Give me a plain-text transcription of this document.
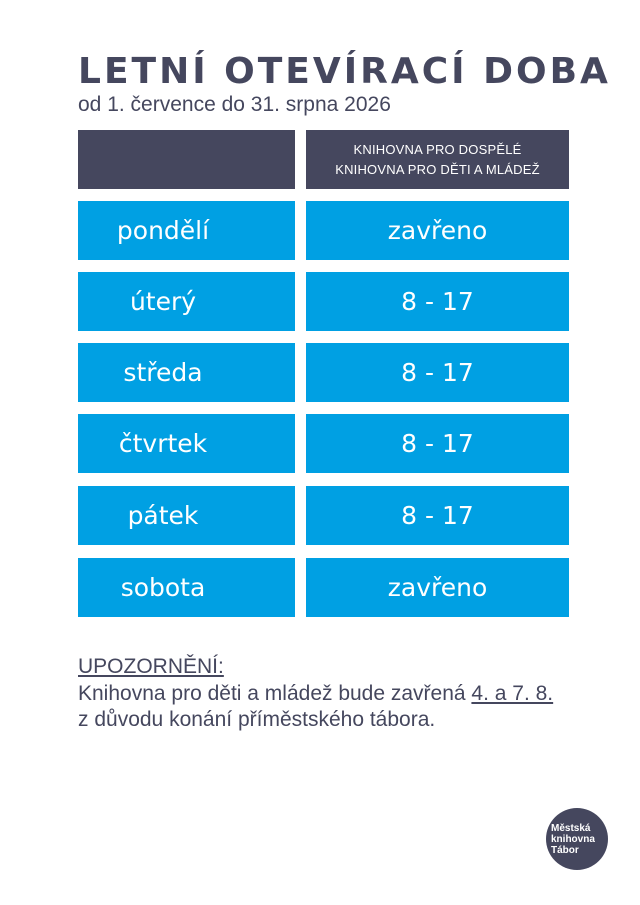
LETNÍ OTEVÍRACÍ DOBA
od 1. července do 31. srpna 2026
KNIHOVNA PRO DOSPĚLÉ
KNIHOVNA PRO DĚTI A MLÁDEŽ
pondělí	zavřeno
úterý	8 - 17
středa	8 - 17
čtvrtek	8 - 17
pátek	8 - 17
sobota	zavřeno
UPOZORNĚNÍ:
Knihovna pro děti a mládež bude zavřená 4. a 7. 8.
z důvodu konání příměstského tábora.
Městská
knihovna
Tábor
